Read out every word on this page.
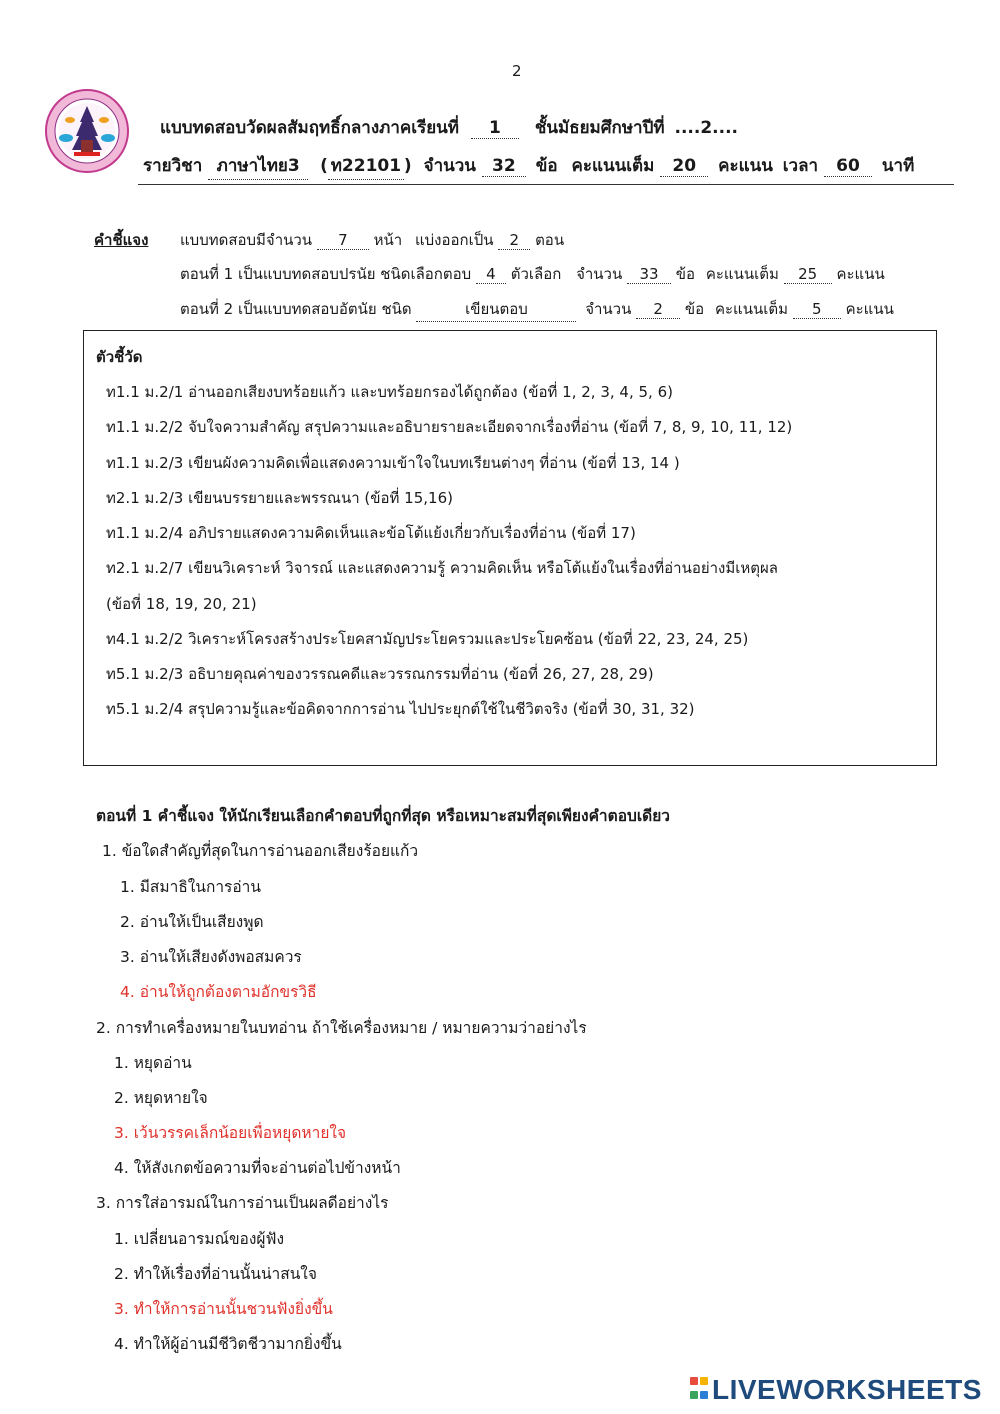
2
แบบทดสอบวัดผลสัมฤทธิ์กลางภาคเรียนที่ 1 ชั้นมัธยมศึกษาปีที่ ....2....
รายวิชา ภาษาไทย3 ( ท22101 ) จำนวน 32 ข้อ คะแนนเต็ม 20 คะแนน เวลา 60 นาที
คำชี้แจง แบบทดสอบมีจำนวน 7 หน้า แบ่งออกเป็น 2 ตอน
ตอนที่ 1 เป็นแบบทดสอบปรนัย ชนิดเลือกตอบ 4 ตัวเลือก จำนวน 33 ข้อ คะแนนเต็ม 25 คะแนน
ตอนที่ 2 เป็นแบบทดสอบอัตนัย ชนิด	เขียนตอบ	จำนวน 2 ข้อ คะแนนเต็ม 5 คะแนน
ตัวชี้วัด
ท1.1 ม.2/1 อ่านออกเสียงบทร้อยแก้ว และบทร้อยกรองได้ถูกต้อง (ข้อที่ 1, 2, 3, 4, 5, 6)
ท1.1 ม.2/2 จับใจความสำคัญ สรุปความและอธิบายรายละเอียดจากเรื่องที่อ่าน (ข้อที่ 7, 8, 9, 10, 11, 12)
ท1.1 ม.2/3 เขียนผังความคิดเพื่อแสดงความเข้าใจในบทเรียนต่างๆ ที่อ่าน (ข้อที่ 13, 14 )
ท2.1 ม.2/3 เขียนบรรยายและพรรณนา (ข้อที่ 15,16)
ท1.1 ม.2/4 อภิปรายแสดงความคิดเห็นและข้อโต้แย้งเกี่ยวกับเรื่องที่อ่าน (ข้อที่ 17)
ท2.1 ม.2/7 เขียนวิเคราะห์ วิจารณ์ และแสดงความรู้ ความคิดเห็น หรือโต้แย้งในเรื่องที่อ่านอย่างมีเหตุผล
(ข้อที่ 18, 19, 20, 21)
ท4.1 ม.2/2 วิเคราะห์โครงสร้างประโยคสามัญประโยครวมและประโยคซ้อน (ข้อที่ 22, 23, 24, 25)
ท5.1 ม.2/3 อธิบายคุณค่าของวรรณคดีและวรรณกรรมที่อ่าน (ข้อที่ 26, 27, 28, 29)
ท5.1 ม.2/4 สรุปความรู้และข้อคิดจากการอ่าน ไปประยุกต์ใช้ในชีวิตจริง (ข้อที่ 30, 31, 32)
ตอนที่ 1 คำชี้แจง ให้นักเรียนเลือกคำตอบที่ถูกที่สุด หรือเหมาะสมที่สุดเพียงคำตอบเดียว
1. ข้อใดสำคัญที่สุดในการอ่านออกเสียงร้อยแก้ว
1. มีสมาธิในการอ่าน
2. อ่านให้เป็นเสียงพูด
3. อ่านให้เสียงดังพอสมควร
4. อ่านให้ถูกต้องตามอักขรวิธี
2. การทำเครื่องหมายในบทอ่าน ถ้าใช้เครื่องหมาย / หมายความว่าอย่างไร
1. หยุดอ่าน
2. หยุดหายใจ
3. เว้นวรรคเล็กน้อยเพื่อหยุดหายใจ
4. ให้สังเกตข้อความที่จะอ่านต่อไปข้างหน้า
3. การใส่อารมณ์ในการอ่านเป็นผลดีอย่างไร
1. เปลี่ยนอารมณ์ของผู้ฟัง
2. ทำให้เรื่องที่อ่านนั้นน่าสนใจ
3. ทำให้การอ่านนั้นชวนฟังยิ่งขึ้น
4. ทำให้ผู้อ่านมีชีวิตชีวามากยิ่งขึ้น
LIVEWORKSHEETS
